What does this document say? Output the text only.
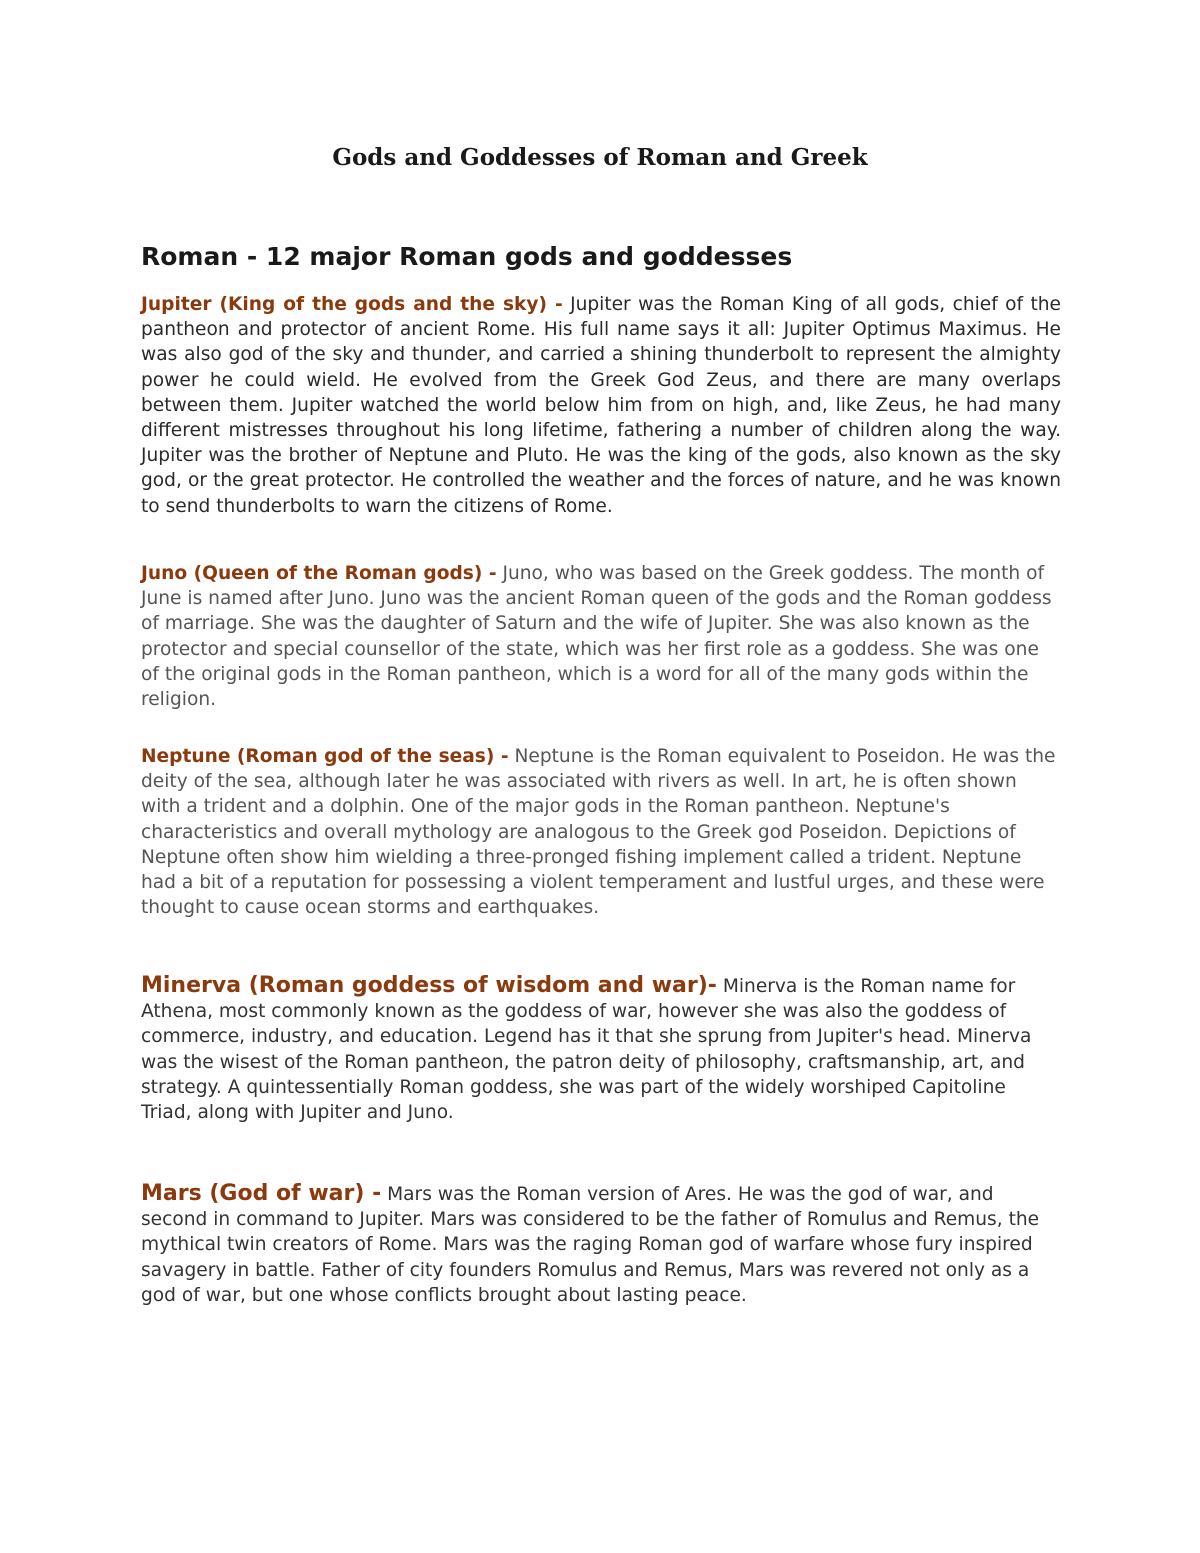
Gods and Goddesses of Roman and Greek
Roman - 12 major Roman gods and goddesses

Jupiter (King of the gods and the sky) - Jupiter was the Roman King of all gods, chief of the pantheon and protector of ancient Rome. His full name says it all: Jupiter Optimus Maximus. He was also god of the sky and thunder, and carried a shining thunderbolt to represent the almighty power he could wield. He evolved from the Greek God Zeus, and there are many overlaps between them. Jupiter watched the world below him from on high, and, like Zeus, he had many different mistresses throughout his long lifetime, fathering a number of children along the way. Jupiter was the brother of Neptune and Pluto. He was the king of the gods, also known as the sky god, or the great protector. He controlled the weather and the forces of nature, and he was known to send thunderbolts to warn the citizens of Rome.

Juno (Queen of the Roman gods) - Juno, who was based on the Greek goddess. The month of June is named after Juno. Juno was the ancient Roman queen of the gods and the Roman goddess of marriage. She was the daughter of Saturn and the wife of Jupiter. She was also known as the protector and special counsellor of the state, which was her first role as a goddess. She was one of the original gods in the Roman pantheon, which is a word for all of the many gods within the religion.

Neptune (Roman god of the seas) - Neptune is the Roman equivalent to Poseidon. He was the deity of the sea, although later he was associated with rivers as well. In art, he is often shown with a trident and a dolphin. One of the major gods in the Roman pantheon. Neptune's characteristics and overall mythology are analogous to the Greek god Poseidon. Depictions of Neptune often show him wielding a three-pronged fishing implement called a trident. Neptune had a bit of a reputation for possessing a violent temperament and lustful urges, and these were thought to cause ocean storms and earthquakes.

Minerva (Roman goddess of wisdom and war)- Minerva is the Roman name for Athena, most commonly known as the goddess of war, however she was also the goddess of commerce, industry, and education. Legend has it that she sprung from Jupiter's head. Minerva was the wisest of the Roman pantheon, the patron deity of philosophy, craftsmanship, art, and strategy. A quintessentially Roman goddess, she was part of the widely worshiped Capitoline Triad, along with Jupiter and Juno.

Mars (God of war) - Mars was the Roman version of Ares. He was the god of war, and second in command to Jupiter. Mars was considered to be the father of Romulus and Remus, the mythical twin creators of Rome. Mars was the raging Roman god of warfare whose fury inspired savagery in battle. Father of city founders Romulus and Remus, Mars was revered not only as a god of war, but one whose conflicts brought about lasting peace.
